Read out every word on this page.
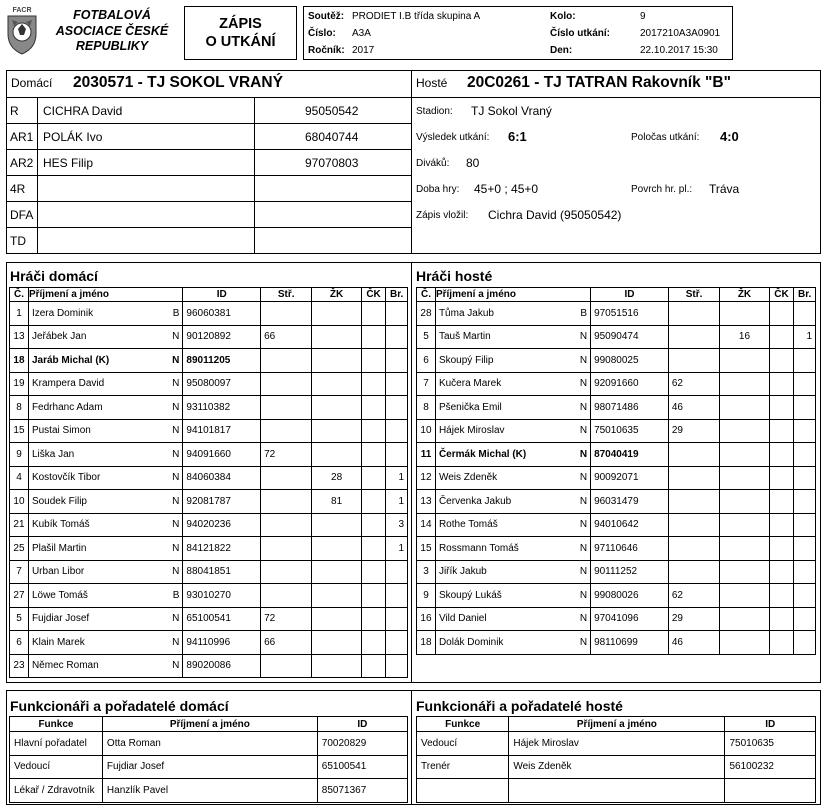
FACR	FOTBALOVÁ
ASOCIACE ČESKÉ
REPUBLIKY
ZÁPIS
O UTKÁNÍ
Soutěž: PRODIET I.B třída skupina A
Číslo: A3A
Ročník: 2017
Kolo:	9
Číslo utkání:	2017210A3A0901
Den:	22.10.2017 15:30
Domácí 2030571 - TJ SOKOL VRANÝ	Hosté 20C0261 - TJ TATRAN Rakovník "B"
R CICHRA David	95050542
AR1 POLÁK Ivo	68040744
AR2 HES Filip	97070803
4R
DFA
TD
Stadion: TJ Sokol Vraný
Výsledek utkání: 6:1	Poločas utkání: 4:0
Diváků: 80
Doba hry: 45+0 ; 45+0	Povrch hr. pl.: Tráva
Zápis vložil: Cichra David (95050542)
Hráči domácí	Hráči hosté
Č.	Příjmení a jméno	ID	Stř.	ŽK	ČK	Br.
1	Izera Dominik B	96060381				
13	Jeřábek Jan N	90120892	66			
18	Jaráb Michal (K) N	89011205				
19	Krampera David N	95080097				
8	Fedrhanc Adam N	93110382				
15	Pustai Simon N	94101817				
9	Liška Jan N	94091660	72			
4	Kostovčík Tibor N	84060384		28		1
10	Soudek Filip N	92081787		81		1
21	Kubík Tomáš N	94020236				3
25	Plašil Martin N	84121822				1
7	Urban Libor N	88041851				
27	Löwe Tomáš B	93010270				
5	Fujdiar Josef N	65100541	72			
6	Klain Marek N	94110996	66			
23	Němec Roman N	89020086				
Č.	Příjmení a jméno	ID	Stř.	ŽK	ČK	Br.
28	Tůma Jakub B	97051516				
5	Tauš Martin N	95090474		16		1
6	Skoupý Filip N	99080025				
7	Kučera Marek N	92091660	62			
8	Pšenička Emil N	98071486	46			
10	Hájek Miroslav N	75010635	29			
11	Čermák Michal (K) N	87040419				
12	Weis Zdeněk N	90092071				
13	Červenka Jakub N	96031479				
14	Rothe Tomáš N	94010642				
15	Rossmann Tomáš N	97110646				
3	Jiřík Jakub N	90111252				
9	Skoupý Lukáš N	99080026	62			
16	Vild Daniel N	97041096	29			
18	Dolák Dominik N	98110699	46			
Funkcionáři a pořadatelé domácí	Funkcionáři a pořadatelé hosté
Funkce	Příjmení a jméno	ID
Hlavní pořadatel	Otta Roman	70020829
Vedoucí	Fujdiar Josef	65100541
Lékař / Zdravotník	Hanzlík Pavel	85071367
Funkce	Příjmení a jméno	ID
Vedoucí	Hájek Miroslav	75010635
Trenér	Weis Zdeněk	56100232
